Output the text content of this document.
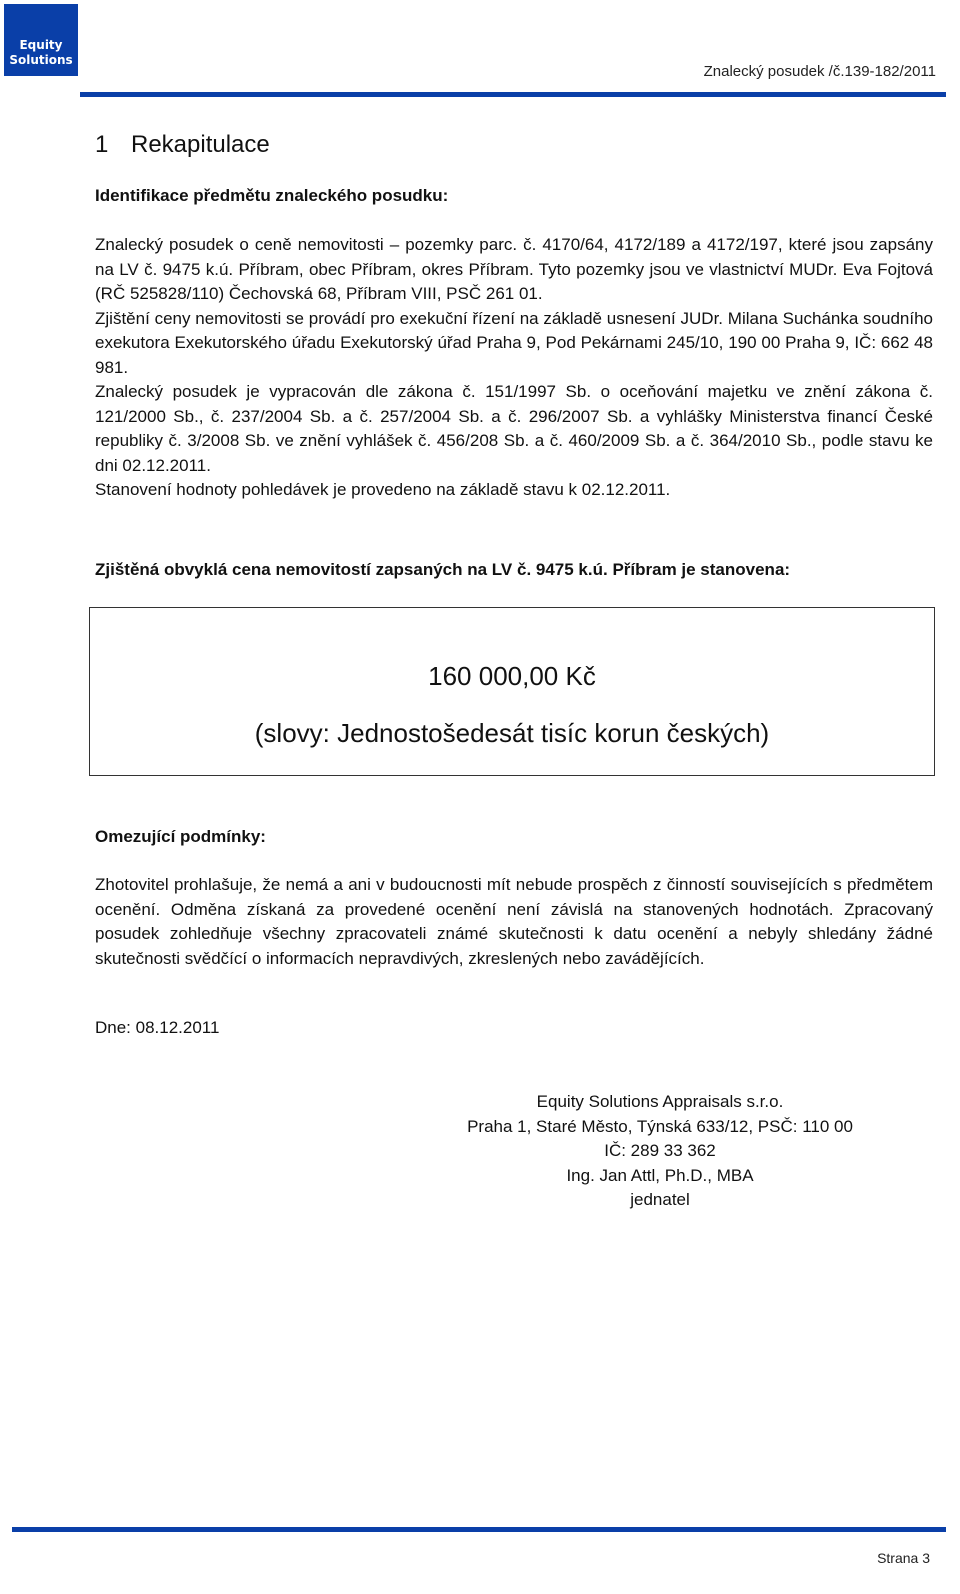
Equity
Solutions
Znalecký posudek /č.139-182/2011
1 Rekapitulace
Identifikace předmětu znaleckého posudku:

Znalecký posudek o ceně nemovitosti – pozemky parc. č. 4170/64, 4172/189 a 4172/197, které jsou zapsány na LV č. 9475 k.ú. Příbram, obec Příbram, okres Příbram. Tyto pozemky jsou ve vlastnictví MUDr. Eva Fojtová (RČ 525828/110) Čechovská 68, Příbram VIII, PSČ 261 01.

Zjištění ceny nemovitosti se provádí pro exekuční řízení na základě usnesení JUDr. Milana Suchánka soudního exekutora Exekutorského úřadu Exekutorský úřad Praha 9, Pod Pekárnami 245/10, 190 00 Praha 9, IČ: 662 48 981.

Znalecký posudek je vypracován dle zákona č. 151/1997 Sb. o oceňování majetku ve znění zákona č. 121/2000 Sb., č. 237/2004 Sb. a č. 257/2004 Sb. a č. 296/2007 Sb. a vyhlášky Ministerstva financí České republiky č. 3/2008 Sb. ve znění vyhlášek č. 456/208 Sb. a č. 460/2009 Sb. a č. 364/2010 Sb., podle stavu ke dni 02.12.2011.

Stanovení hodnoty pohledávek je provedeno na základě stavu k 02.12.2011.

Zjištěná obvyklá cena nemovitostí zapsaných na LV č. 9475 k.ú. Příbram je stanovena:
160 000,00 Kč
(slovy: Jednostošedesát tisíc korun českých)
Omezující podmínky:

Zhotovitel prohlašuje, že nemá a ani v budoucnosti mít nebude prospěch z činností souvisejících s předmětem ocenění. Odměna získaná za provedené ocenění není závislá na stanovených hodnotách. Zpracovaný posudek zohledňuje všechny zpracovateli známé skutečnosti k datu ocenění a nebyly shledány žádné skutečnosti svědčící o informacích nepravdivých, zkreslených nebo zavádějících.

Dne: 08.12.2011
Equity Solutions Appraisals s.r.o.
Praha 1, Staré Město, Týnská 633/12, PSČ: 110 00
IČ: 289 33 362
Ing. Jan Attl, Ph.D., MBA
jednatel
Strana 3
